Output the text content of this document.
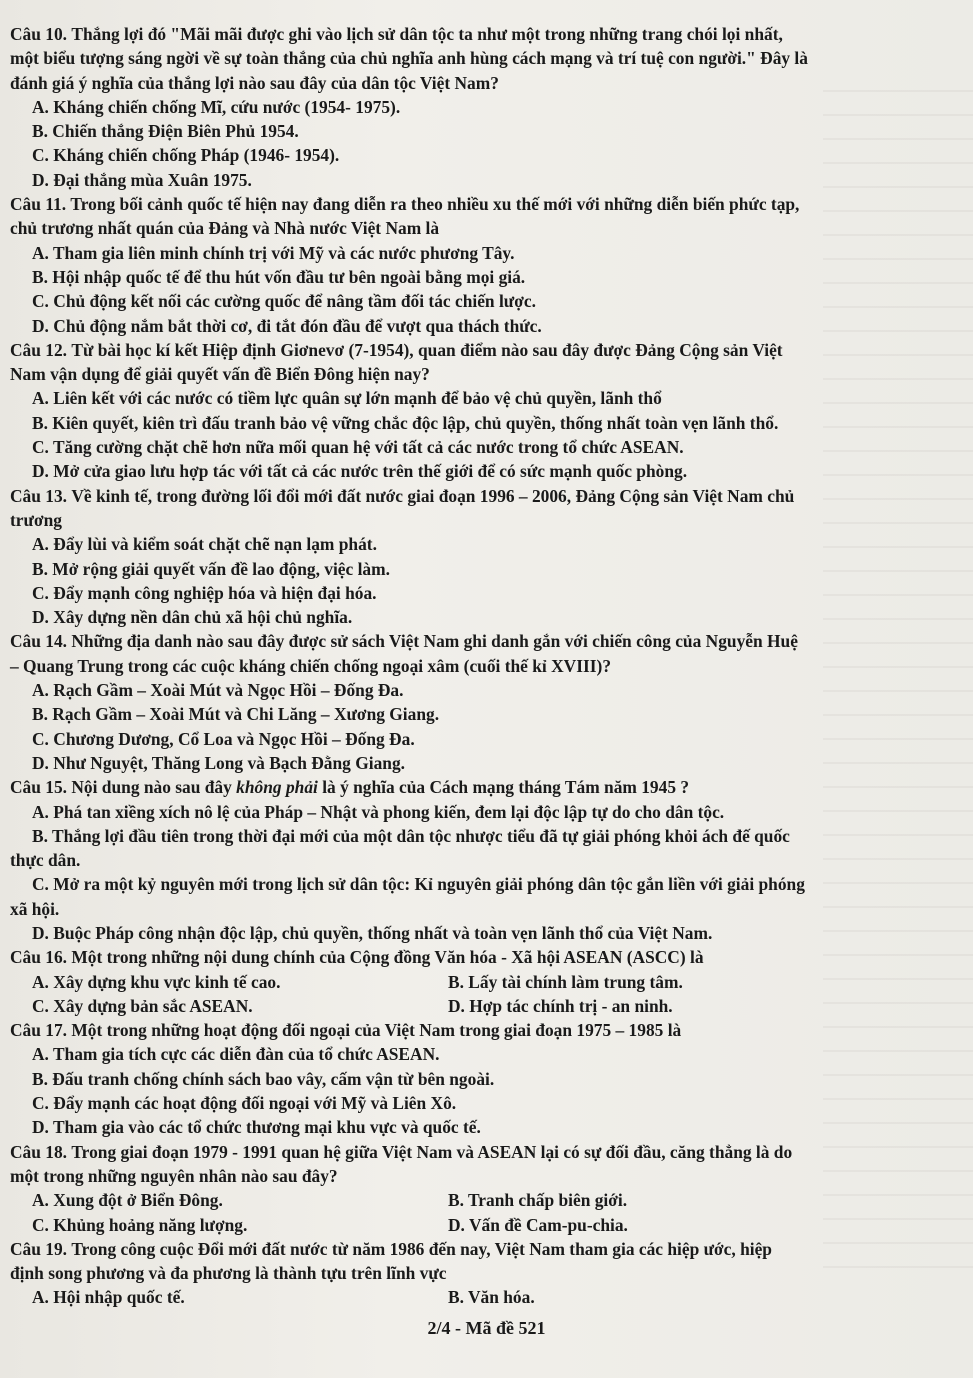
Câu 10. Thắng lợi đó "Mãi mãi được ghi vào lịch sử dân tộc ta như một trong những trang chói lọi nhất,
một biểu tượng sáng ngời về sự toàn thắng của chủ nghĩa anh hùng cách mạng và trí tuệ con người." Đây là
đánh giá ý nghĩa của thắng lợi nào sau đây của dân tộc Việt Nam?
A. Kháng chiến chống Mĩ, cứu nước (1954- 1975).
B. Chiến thắng Điện Biên Phủ 1954.
C. Kháng chiến chống Pháp (1946- 1954).
D. Đại thắng mùa Xuân 1975.
Câu 11. Trong bối cảnh quốc tế hiện nay đang diễn ra theo nhiều xu thế mới với những diễn biến phức tạp,
chủ trương nhất quán của Đảng và Nhà nước Việt Nam là
A. Tham gia liên minh chính trị với Mỹ và các nước phương Tây.
B. Hội nhập quốc tế để thu hút vốn đầu tư bên ngoài bằng mọi giá.
C. Chủ động kết nối các cường quốc để nâng tầm đối tác chiến lược.
D. Chủ động nắm bắt thời cơ, đi tắt đón đầu để vượt qua thách thức.
Câu 12. Từ bài học kí kết Hiệp định Giơnevơ (7-1954), quan điểm nào sau đây được Đảng Cộng sản Việt
Nam vận dụng để giải quyết vấn đề Biển Đông hiện nay?
A. Liên kết với các nước có tiềm lực quân sự lớn mạnh để bảo vệ chủ quyền, lãnh thổ
B. Kiên quyết, kiên trì đấu tranh bảo vệ vững chắc độc lập, chủ quyền, thống nhất toàn vẹn lãnh thổ.
C. Tăng cường chặt chẽ hơn nữa mối quan hệ với tất cả các nước trong tổ chức ASEAN.
D. Mở cửa giao lưu hợp tác với tất cả các nước trên thế giới để có sức mạnh quốc phòng.
Câu 13. Về kinh tế, trong đường lối đổi mới đất nước giai đoạn 1996 – 2006, Đảng Cộng sản Việt Nam chủ
trương
A. Đẩy lùi và kiểm soát chặt chẽ nạn lạm phát.
B. Mở rộng giải quyết vấn đề lao động, việc làm.
C. Đẩy mạnh công nghiệp hóa và hiện đại hóa.
D. Xây dựng nền dân chủ xã hội chủ nghĩa.
Câu 14. Những địa danh nào sau đây được sử sách Việt Nam ghi danh gắn với chiến công của Nguyễn Huệ
– Quang Trung trong các cuộc kháng chiến chống ngoại xâm (cuối thế kỉ XVIII)?
A. Rạch Gầm – Xoài Mút và Ngọc Hồi – Đống Đa.
B. Rạch Gầm – Xoài Mút và Chi Lăng – Xương Giang.
C. Chương Dương, Cổ Loa và Ngọc Hồi – Đống Đa.
D. Như Nguyệt, Thăng Long và Bạch Đằng Giang.
Câu 15. Nội dung nào sau đây không phải là ý nghĩa của Cách mạng tháng Tám năm 1945 ?
A. Phá tan xiềng xích nô lệ của Pháp – Nhật và phong kiến, đem lại độc lập tự do cho dân tộc.
B. Thắng lợi đầu tiên trong thời đại mới của một dân tộc nhược tiểu đã tự giải phóng khỏi ách đế quốc
thực dân.
C. Mở ra một kỷ nguyên mới trong lịch sử dân tộc: Kỉ nguyên giải phóng dân tộc gắn liền với giải phóng
xã hội.
D. Buộc Pháp công nhận độc lập, chủ quyền, thống nhất và toàn vẹn lãnh thổ của Việt Nam.
Câu 16. Một trong những nội dung chính của Cộng đồng Văn hóa - Xã hội ASEAN (ASCC) là
A. Xây dựng khu vực kinh tế cao.	B. Lấy tài chính làm trung tâm.
C. Xây dựng bản sắc ASEAN.	D. Hợp tác chính trị - an ninh.
Câu 17. Một trong những hoạt động đối ngoại của Việt Nam trong giai đoạn 1975 – 1985 là
A. Tham gia tích cực các diễn đàn của tổ chức ASEAN.
B. Đấu tranh chống chính sách bao vây, cấm vận từ bên ngoài.
C. Đẩy mạnh các hoạt động đối ngoại với Mỹ và Liên Xô.
D. Tham gia vào các tổ chức thương mại khu vực và quốc tế.
Câu 18. Trong giai đoạn 1979 - 1991 quan hệ giữa Việt Nam và ASEAN lại có sự đối đầu, căng thẳng là do
một trong những nguyên nhân nào sau đây?
A. Xung đột ở Biển Đông.	B. Tranh chấp biên giới.
C. Khủng hoảng năng lượng.	D. Vấn đề Cam-pu-chia.
Câu 19. Trong công cuộc Đổi mới đất nước từ năm 1986 đến nay, Việt Nam tham gia các hiệp ước, hiệp
định song phương và đa phương là thành tựu trên lĩnh vực
A. Hội nhập quốc tế.	B. Văn hóa.
2/4 - Mã đề 521
